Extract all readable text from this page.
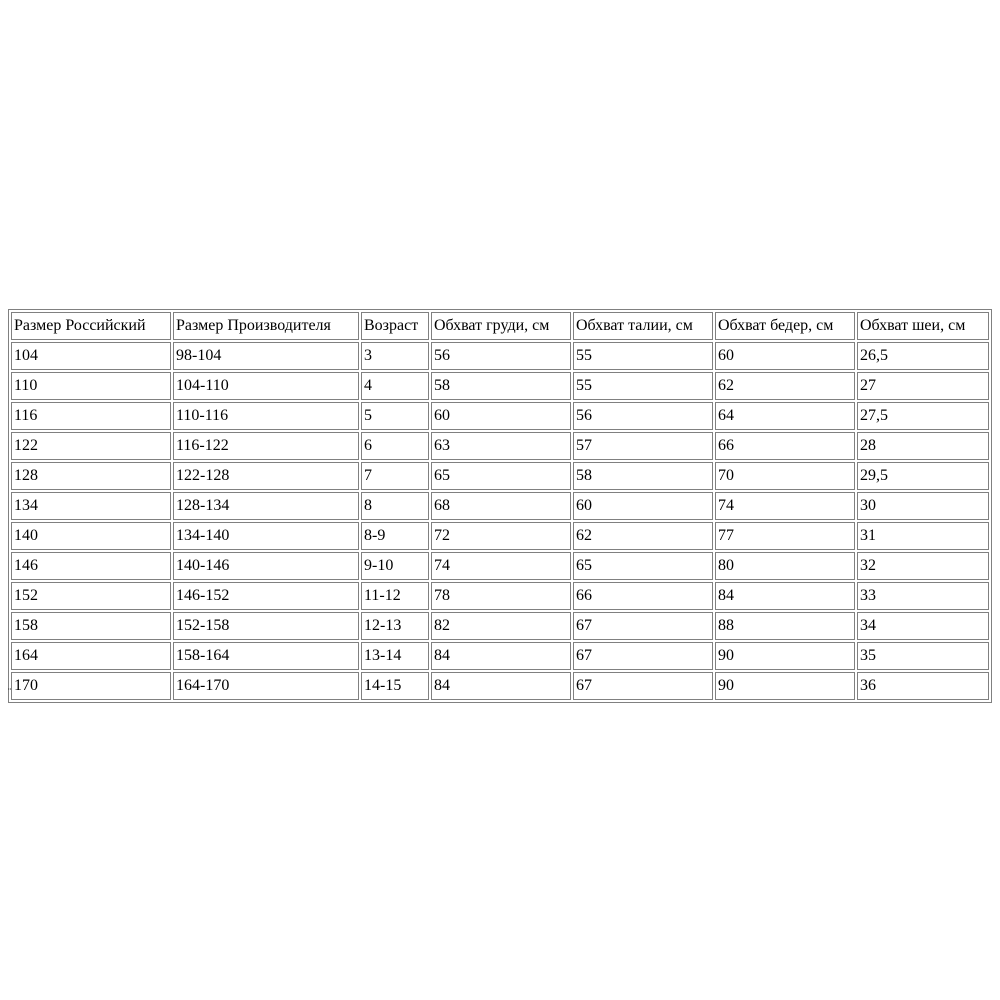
Размер Российский	Размер Производителя	Возраст	Обхват груди, см	Обхват талии, см	Обхват бедер, см	Обхват шеи, см
104	98-104	3	56	55	60	26,5
110	104-110	4	58	55	62	27
116	110-116	5	60	56	64	27,5
122	116-122	6	63	57	66	28
128	122-128	7	65	58	70	29,5
134	128-134	8	68	60	74	30
140	134-140	8-9	72	62	77	31
146	140-146	9-10	74	65	80	32
152	146-152	11-12	78	66	84	33
158	152-158	12-13	82	67	88	34
164	158-164	13-14	84	67	90	35
170	164-170	14-15	84	67	90	36
¨
